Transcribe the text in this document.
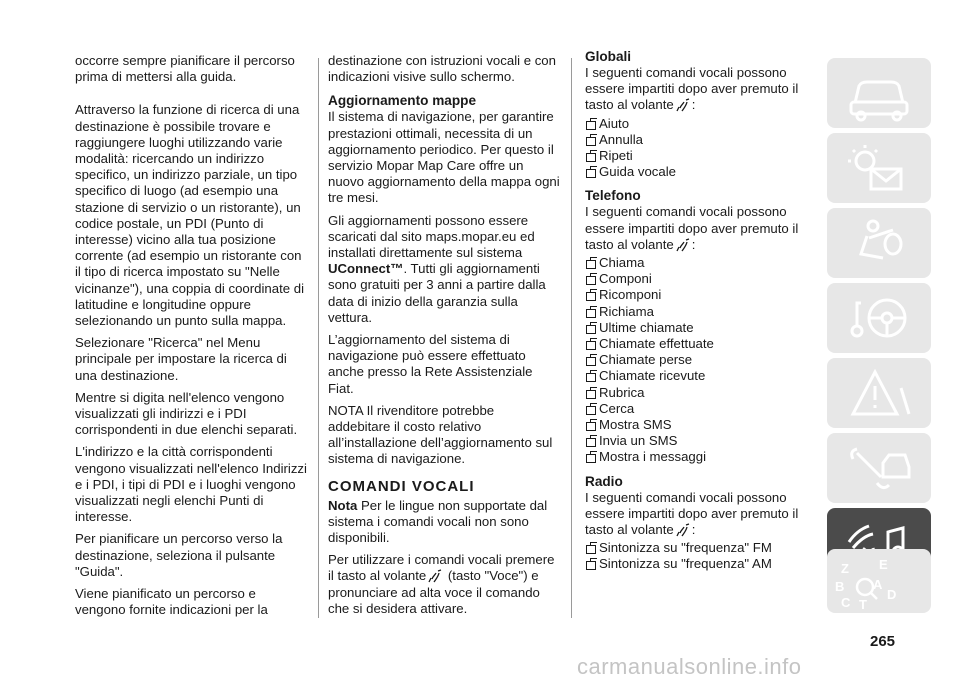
occorre sempre pianificare il percorso prima di mettersi alla guida.

Attraverso la funzione di ricerca di una destinazione è possibile trovare e raggiungere luoghi utilizzando varie modalità: ricercando un indirizzo specifico, un indirizzo parziale, un tipo specifico di luogo (ad esempio una stazione di servizio o un ristorante), un codice postale, un PDI (Punto di interesse) vicino alla tua posizione corrente (ad esempio un ristorante con il tipo di ricerca impostato su "Nelle vicinanze"), una coppia di coordinate di latitudine e longitudine oppure selezionando un punto sulla mappa.

Selezionare "Ricerca" nel Menu principale per impostare la ricerca di una destinazione.

Mentre si digita nell'elenco vengono visualizzati gli indirizzi e i PDI corrispondenti in due elenchi separati.

L'indirizzo e la città corrispondenti vengono visualizzati nell'elenco Indirizzi e i PDI, i tipi di PDI e i luoghi vengono visualizzati negli elenchi Punti di interesse.

Per pianificare un percorso verso la destinazione, seleziona il pulsante "Guida".

Viene pianificato un percorso e vengono fornite indicazioni per la

destinazione con istruzioni vocali e con indicazioni visive sullo schermo.

Aggiornamento mappe

Il sistema di navigazione, per garantire prestazioni ottimali, necessita di un aggiornamento periodico. Per questo il servizio Mopar Map Care offre un nuovo aggiornamento della mappa ogni tre mesi.

Gli aggiornamenti possono essere scaricati dal sito maps.mopar.eu ed installati direttamente sul sistema UConnect™. Tutti gli aggiornamenti sono gratuiti per 3 anni a partire dalla data di inizio della garanzia sulla vettura.

L’aggiornamento del sistema di navigazione può essere effettuato anche presso la Rete Assistenziale Fiat.

NOTA Il rivenditore potrebbe addebitare il costo relativo all’installazione dell’aggiornamento sul sistema di navigazione.

COMANDI VOCALI

Nota Per le lingue non supportate dal sistema i comandi vocali non sono disponibili.

Per utilizzare i comandi vocali premere il tasto al volante (tasto "Voce") e pronunciare ad alta voce il comando che si desidera attivare.

Globali

I seguenti comandi vocali possono essere impartiti dopo aver premuto il tasto al volante :

Aiuto
Annulla
Ripeti
Guida vocale
Telefono

I seguenti comandi vocali possono essere impartiti dopo aver premuto il tasto al volante :

Chiama
Componi
Ricomponi
Richiama
Ultime chiamate
Chiamate effettuate
Chiamate perse
Chiamate ricevute
Rubrica
Cerca
Mostra SMS
Invia un SMS
Mostra i messaggi
Radio

I seguenti comandi vocali possono essere impartiti dopo aver premuto il tasto al volante :

Sintonizza su "frequenza" FM
Sintonizza su "frequenza" AM	Z E
B A
C T
D
265
carmanualsonline.info
